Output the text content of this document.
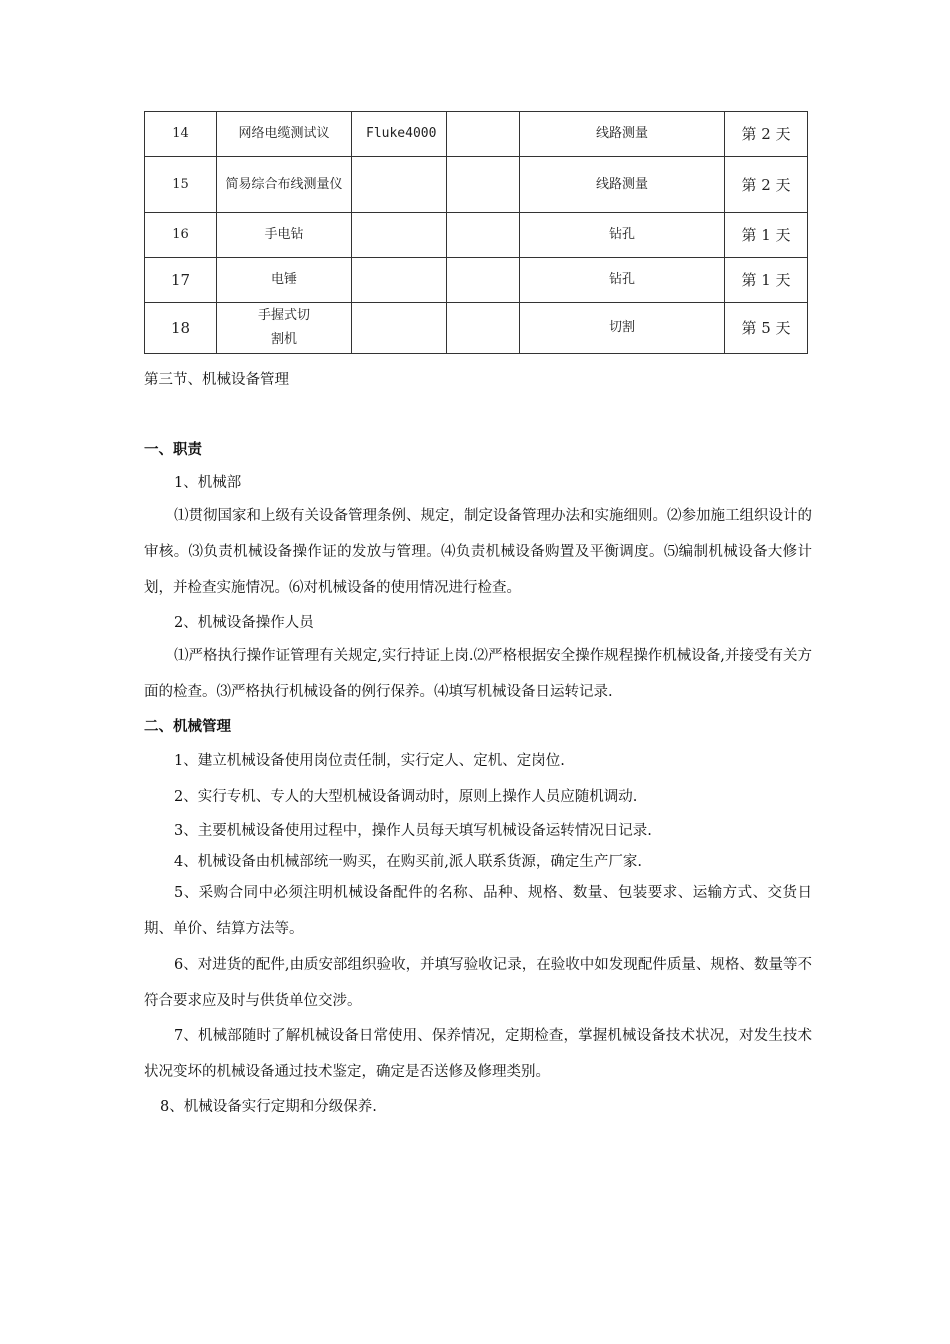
14	网络电缆测试议	Fluke4000		线路测量	第 2 天
15	简易综合布线测量仪			线路测量	第 2 天
16	手电钻			钻孔	第 1 天
17	电锤			钻孔	第 1 天
18	手握式切割机			切割	第 5 天
第三节、机械设备管理
一、职责
1、机械部
⑴贯彻国家和上级有关设备管理条例、规定，制定设备管理办法和实施细则。⑵参加施工组织设计的审核。⑶负责机械设备操作证的发放与管理。⑷负责机械设备购置及平衡调度。⑸编制机械设备大修计划，并检查实施情况。⑹对机械设备的使用情况进行检查。
2、机械设备操作人员
⑴严格执行操作证管理有关规定,实行持证上岗.⑵严格根据安全操作规程操作机械设备,并接受有关方面的检查。⑶严格执行机械设备的例行保养。⑷填写机械设备日运转记录.
二、机械管理
1、建立机械设备使用岗位责任制，实行定人、定机、定岗位.
2、实行专机、专人的大型机械设备调动时，原则上操作人员应随机调动.
3、主要机械设备使用过程中，操作人员每天填写机械设备运转情况日记录.
4、机械设备由机械部统一购买，在购买前,派人联系货源，确定生产厂家.
5、采购合同中必须注明机械设备配件的名称、品种、规格、数量、包装要求、运输方式、交货日期、单价、结算方法等。
6、对进货的配件,由质安部组织验收，并填写验收记录，在验收中如发现配件质量、规格、数量等不符合要求应及时与供货单位交涉。
7、机械部随时了解机械设备日常使用、保养情况，定期检查，掌握机械设备技术状况，对发生技术状况变坏的机械设备通过技术鉴定，确定是否送修及修理类别。
8、机械设备实行定期和分级保养.
